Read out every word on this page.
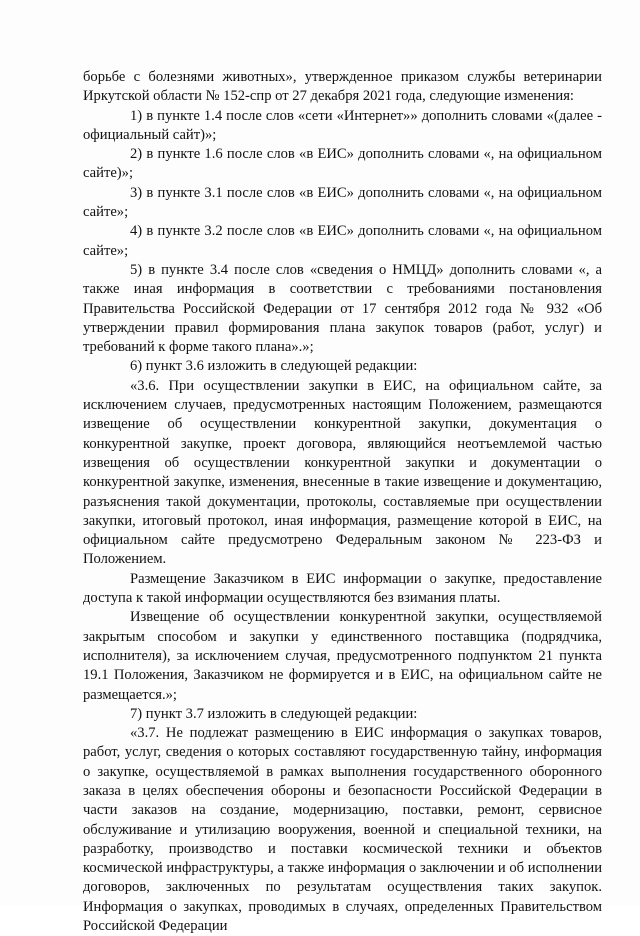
борьбе с болезнями животных», утвержденное приказом службы ветеринарии Иркутской области № 152-спр от 27 декабря 2021 года, следующие изменения:

1) в пункте 1.4 после слов «сети «Интернет»» дополнить словами «(далее - официальный сайт)»;

2) в пункте 1.6 после слов «в ЕИС» дополнить словами «, на официальном сайте)»;

3) в пункте 3.1 после слов «в ЕИС» дополнить словами «, на официальном сайте»;

4) в пункте 3.2 после слов «в ЕИС» дополнить словами «, на официальном сайте»;

5) в пункте 3.4 после слов «сведения о НМЦД» дополнить словами «, а также иная информация в соответствии с требованиями постановления Правительства Российской Федерации от 17 сентября 2012 года № 932 «Об утверждении правил формирования плана закупок товаров (работ, услуг) и требований к форме такого плана».»;

6) пункт 3.6 изложить в следующей редакции:

«3.6. При осуществлении закупки в ЕИС, на официальном сайте, за исключением случаев, предусмотренных настоящим Положением, размещаются извещение об осуществлении конкурентной закупки, документация о конкурентной закупке, проект договора, являющийся неотъемлемой частью извещения об осуществлении конкурентной закупки и документации о конкурентной закупке, изменения, внесенные в такие извещение и документацию, разъяснения такой документации, протоколы, составляемые при осуществлении закупки, итоговый протокол, иная информация, размещение которой в ЕИС, на официальном сайте предусмотрено Федеральным законом № 223-ФЗ и Положением.

Размещение Заказчиком в ЕИС информации о закупке, предоставление доступа к такой информации осуществляются без взимания платы.

Извещение об осуществлении конкурентной закупки, осуществляемой закрытым способом и закупки у единственного поставщика (подрядчика, исполнителя), за исключением случая, предусмотренного подпунктом 21 пункта 19.1 Положения, Заказчиком не формируется и в ЕИС, на официальном сайте не размещается.»;

7) пункт 3.7 изложить в следующей редакции:

«3.7. Не подлежат размещению в ЕИС информация о закупках товаров, работ, услуг, сведения о которых составляют государственную тайну, информация о закупке, осуществляемой в рамках выполнения государственного оборонного заказа в целях обеспечения обороны и безопасности Российской Федерации в части заказов на создание, модернизацию, поставки, ремонт, сервисное обслуживание и утилизацию вооружения, военной и специальной техники, на разработку, производство и поставки космической техники и объектов космической инфраструктуры, а также информация о заключении и об исполнении договоров, заключенных по результатам осуществления таких закупок. Информация о закупках, проводимых в случаях, определенных Правительством Российской Федерации
